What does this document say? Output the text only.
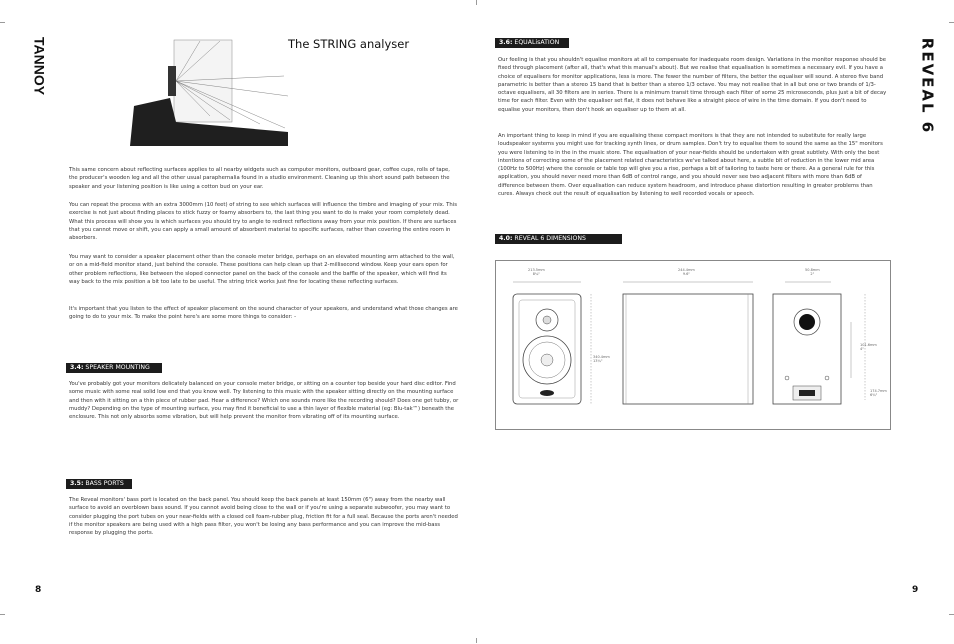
TANNOY	REVEAL 6
The STRING analyser

This same concern about reflecting surfaces applies to all nearby widgets such as computer monitors, outboard gear, coffee cups, rolls of tape, the producer's wooden leg and all the other usual paraphernalia found in a studio environment. Cleaning up this short sound path between the speaker and your listening position is like using a cotton bud on your ear.

You can repeat the process with an extra 3000mm (10 feet) of string to see which surfaces will influence the timbre and imaging of your mix. This exercise is not just about finding places to stick fuzzy or foamy absorbers to, the last thing you want to do is make your room completely dead. What this process will show you is which surfaces you should try to angle to redirect reflections away from your mix position. If there are surfaces that you cannot move or shift, you can apply a small amount of absorbent material to specific surfaces, rather than covering the entire room in absorbers.

You may want to consider a speaker placement other than the console meter bridge, perhaps on an elevated mounting arm attached to the wall, or on a mid-field monitor stand, just behind the console. These positions can help clean up that 2-millisecond window. Keep your ears open for other problem reflections, like between the sloped connector panel on the back of the console and the baffle of the speaker, which will find its way back to the mix position a bit too late to be useful. The string trick works just fine for locating these reflecting surfaces.

It's important that you listen to the effect of speaker placement on the sound character of your speakers, and understand what those changes are going to do to your mix. To make the point here's are some more things to consider: -

3.4: SPEAKER MOUNTING

You've probably got your monitors delicately balanced on your console meter bridge, or sitting on a counter top beside your hard disc editor. Find some music with some real solid low end that you know well. Try listening to this music with the speaker sitting directly on the mounting surface and then with it sitting on a thin piece of rubber pad. Hear a difference? Which one sounds more like the recording should? Does one get tubby, or muddy? Depending on the type of mounting surface, you may find it beneficial to use a thin layer of flexible material (eg: Blu-tak™) beneath the enclosure. This not only absorbs some vibration, but will help prevent the monitor from vibrating off of its mounting surface.

3.5: BASS PORTS

The Reveal monitors' bass port is located on the back panel. You should keep the back panels at least 150mm (6") away from the nearby wall surface to avoid an overblown bass sound. If you cannot avoid being close to the wall or if you're using a separate subwoofer, you may want to consider plugging the port tubes on your near-fields with a closed cell foam-rubber plug, friction fit for a full seal. Because the ports aren't needed if the monitor speakers are being used with a high pass filter, you won't be losing any bass performance and you can improve the mid-bass response by plugging the ports.

8
3.6: EQUALisATION

Our feeling is that you shouldn't equalise monitors at all to compensate for inadequate room design. Variations in the monitor response should be fixed through placement (after all, that's what this manual's about). But we realise that equalisation is sometimes a necessary evil. If you have a choice of equalisers for monitor applications, less is more. The fewer the number of filters, the better the equaliser will sound. A stereo five band parametric is better than a stereo 15 band that is better than a stereo 1/3 octave. You may not realise that in all but one or two brands of 1/3-octave equalisers, all 30 filters are in series. There is a minimum transit time through each filter of some 25 microseconds, plus just a bit of decay time for each filter. Even with the equaliser set flat, it does not behave like a straight piece of wire in the time domain. If you don't need to equalise your monitors, then don't hook an equaliser up to them at all.

An important thing to keep in mind if you are equalising these compact monitors is that they are not intended to substitute for really large loudspeaker systems you might use for tracking synth lines, or drum samples. Don't try to equalise them to sound the same as the 15" monitors you were listening to in the in the music store. The equalisation of your near-fields should be undertaken with great subtlety. With only the best intentions of correcting some of the placement related characteristics we've talked about here, a subtle bit of reduction in the lower mid area (100Hz to 500Hz) where the console or table top will give you a rise, perhaps a bit of tailoring to taste here or there. As a general rule for this application, you should never need more than 6dB of control range, and you should never see two adjacent filters with more than 6dB of difference between them. Over equalisation can reduce system headroom, and introduce phase distortion resulting in greater problems than cures. Always check out the result of equalisation by listening to well recorded vocals or speech.

4.0: REVEAL 6 DIMENSIONS
213.5mm
8¼"
244.4mm
9.6"
50.8mm
2"
340.4mm
13¼"
101.6mm
4"
174.7mm
6¾"
9
